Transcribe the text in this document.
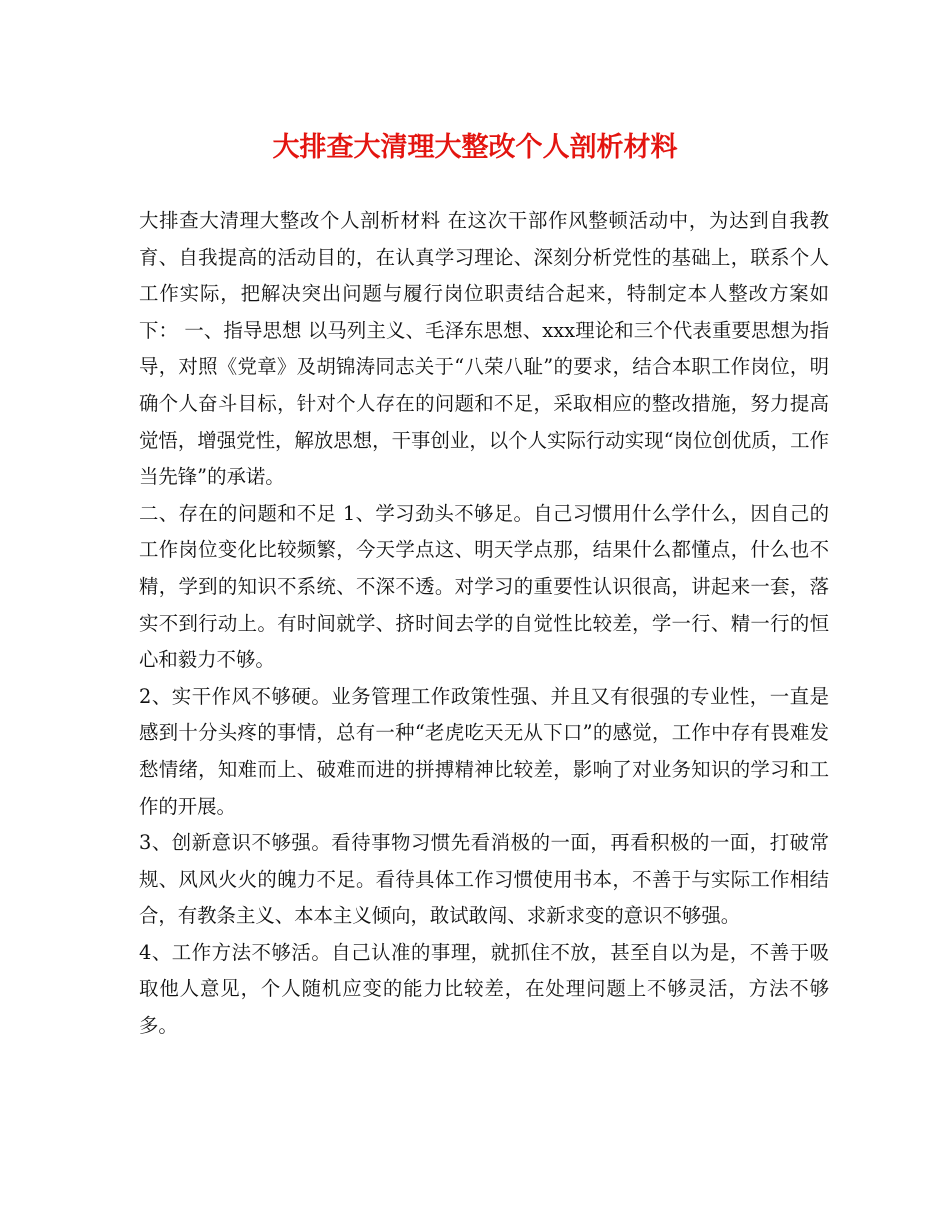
大排查大清理大整改个人剖析材料

大排查大清理大整改个人剖析材料 在这次干部作风整顿活动中，为达到自我教育、自我提高的活动目的，在认真学习理论、深刻分析党性的基础上，联系个人工作实际，把解决突出问题与履行岗位职责结合起来，特制定本人整改方案如下： 一、指导思想 以马列主义、毛泽东思想、xxx理论和三个代表重要思想为指导，对照《党章》及胡锦涛同志关于“八荣八耻”的要求，结合本职工作岗位，明确个人奋斗目标，针对个人存在的问题和不足，采取相应的整改措施，努力提高觉悟，增强党性，解放思想，干事创业，以个人实际行动实现“岗位创优质，工作当先锋”的承诺。

二、存在的问题和不足 1、学习劲头不够足。自己习惯用什么学什么，因自己的工作岗位变化比较频繁，今天学点这、明天学点那，结果什么都懂点，什么也不精，学到的知识不系统、不深不透。对学习的重要性认识很高，讲起来一套，落实不到行动上。有时间就学、挤时间去学的自觉性比较差，学一行、精一行的恒心和毅力不够。

2、实干作风不够硬。业务管理工作政策性强、并且又有很强的专业性，一直是感到十分头疼的事情，总有一种“老虎吃天无从下口”的感觉，工作中存有畏难发愁情绪，知难而上、破难而进的拼搏精神比较差，影响了对业务知识的学习和工作的开展。

3、创新意识不够强。看待事物习惯先看消极的一面，再看积极的一面，打破常规、风风火火的魄力不足。看待具体工作习惯使用书本，不善于与实际工作相结合，有教条主义、本本主义倾向，敢试敢闯、求新求变的意识不够强。

4、工作方法不够活。自己认准的事理，就抓住不放，甚至自以为是，不善于吸取他人意见，个人随机应变的能力比较差，在处理问题上不够灵活，方法不够多。
